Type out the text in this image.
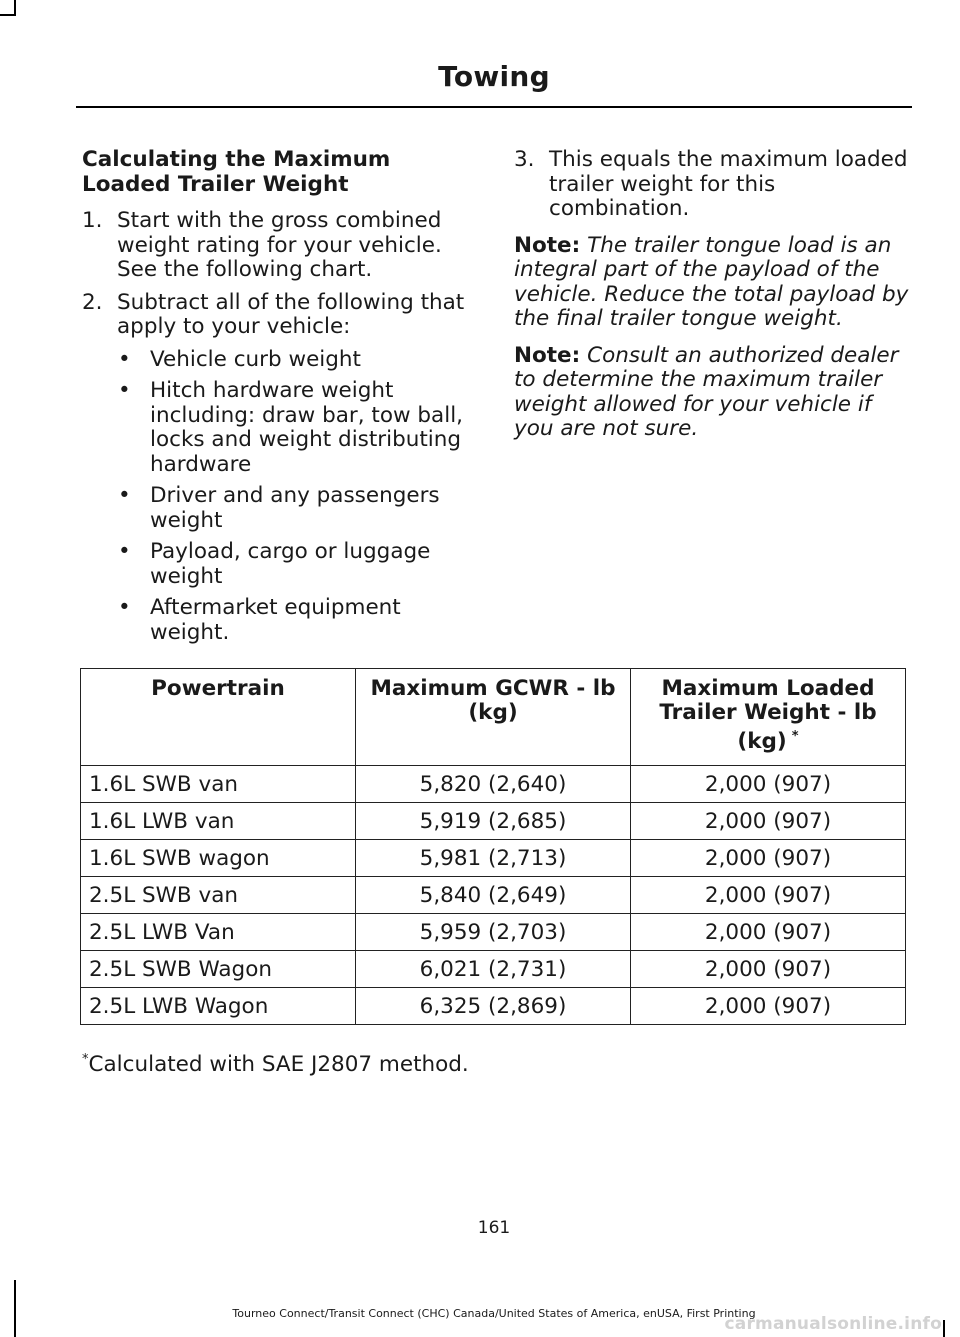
Towing
Calculating the Maximum Loaded Trailer Weight
1. Start with the gross combined weight rating for your vehicle. See the following chart.
2. Subtract all of the following that apply to your vehicle:
• Vehicle curb weight
• Hitch hardware weight including: draw bar, tow ball, locks and weight distributing hardware
• Driver and any passengers weight
• Payload, cargo or luggage weight
• Aftermarket equipment weight.
3. This equals the maximum loaded trailer weight for this combination.

Note: The trailer tongue load is an integral part of the payload of the vehicle. Reduce the total payload by the final trailer tongue weight.

Note: Consult an authorized dealer to determine the maximum trailer weight allowed for your vehicle if you are not sure.

Powertrain	Maximum GCWR - lb (kg)	Maximum Loaded Trailer Weight - lb (kg) *
1.6L SWB van	5,820 (2,640)	2,000 (907)
1.6L LWB van	5,919 (2,685)	2,000 (907)
1.6L SWB wagon	5,981 (2,713)	2,000 (907)
2.5L SWB van	5,840 (2,649)	2,000 (907)
2.5L LWB Van	5,959 (2,703)	2,000 (907)
2.5L SWB Wagon	6,021 (2,731)	2,000 (907)
2.5L LWB Wagon	6,325 (2,869)	2,000 (907)
*Calculated with SAE J2807 method.
161
Tourneo Connect/Transit Connect (CHC) Canada/United States of America, enUSA, First Printing
carmanualsonline.info
